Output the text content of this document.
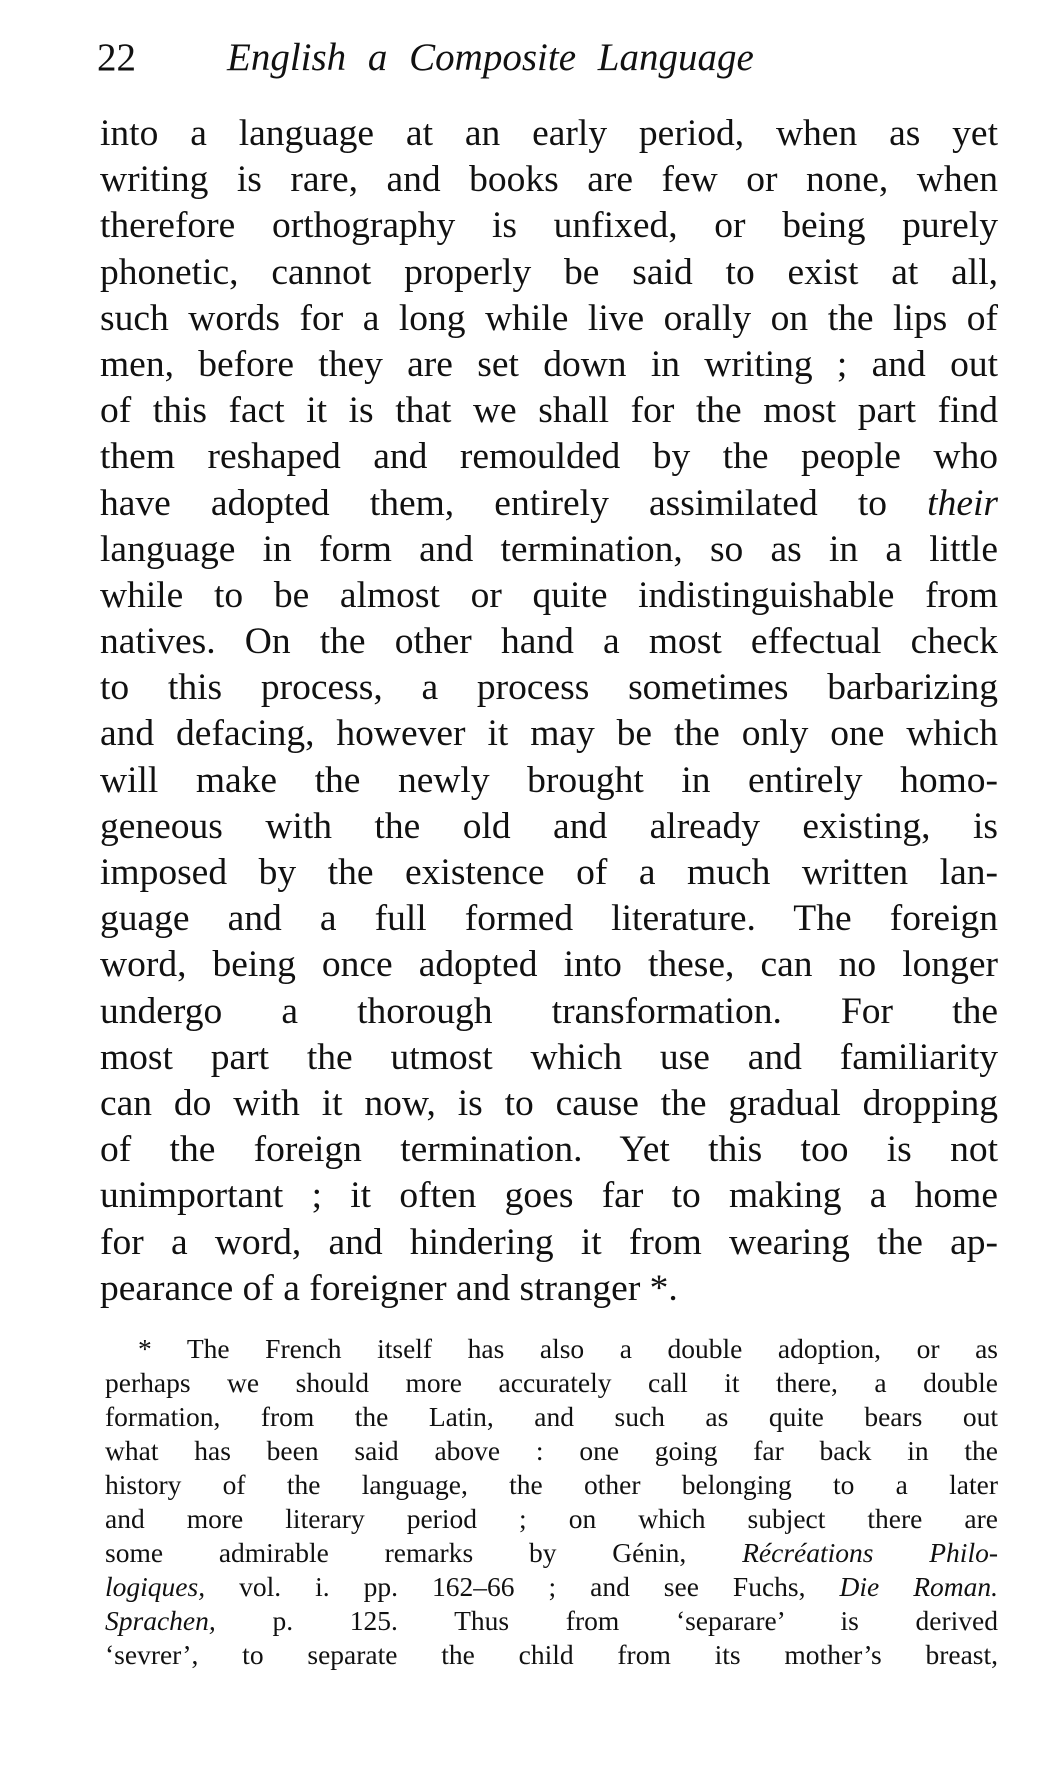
22 English a Composite Language
into a language at an early period, when as yet
writing is rare, and books are few or none, when
therefore orthography is unfixed, or being purely
phonetic, cannot properly be said to exist at all,
such words for a long while live orally on the lips of
men, before they are set down in writing ; and out
of this fact it is that we shall for the most part find
them reshaped and remoulded by the people who
have adopted them, entirely assimilated to their
language in form and termination, so as in a little
while to be almost or quite indistinguishable from
natives. On the other hand a most effectual check
to this process, a process sometimes barbarizing
and defacing, however it may be the only one which
will make the newly brought in entirely homo-
geneous with the old and already existing, is
imposed by the existence of a much written lan-
guage and a full formed literature. The foreign
word, being once adopted into these, can no longer
undergo a thorough transformation. For the
most part the utmost which use and familiarity
can do with it now, is to cause the gradual dropping
of the foreign termination. Yet this too is not
unimportant ; it often goes far to making a home
for a word, and hindering it from wearing the ap-
pearance of a foreigner and stranger *.
* The French itself has also a double adoption, or as
perhaps we should more accurately call it there, a double
formation, from the Latin, and such as quite bears out
what has been said above : one going far back in the
history of the language, the other belonging to a later
and more literary period ; on which subject there are
some admirable remarks by Génin, Récréations Philo-
logiques, vol. i. pp. 162–66 ; and see Fuchs, Die Roman.
Sprachen, p. 125. Thus from ‘separare’ is derived
‘sevrer’, to separate the child from its mother’s breast,
